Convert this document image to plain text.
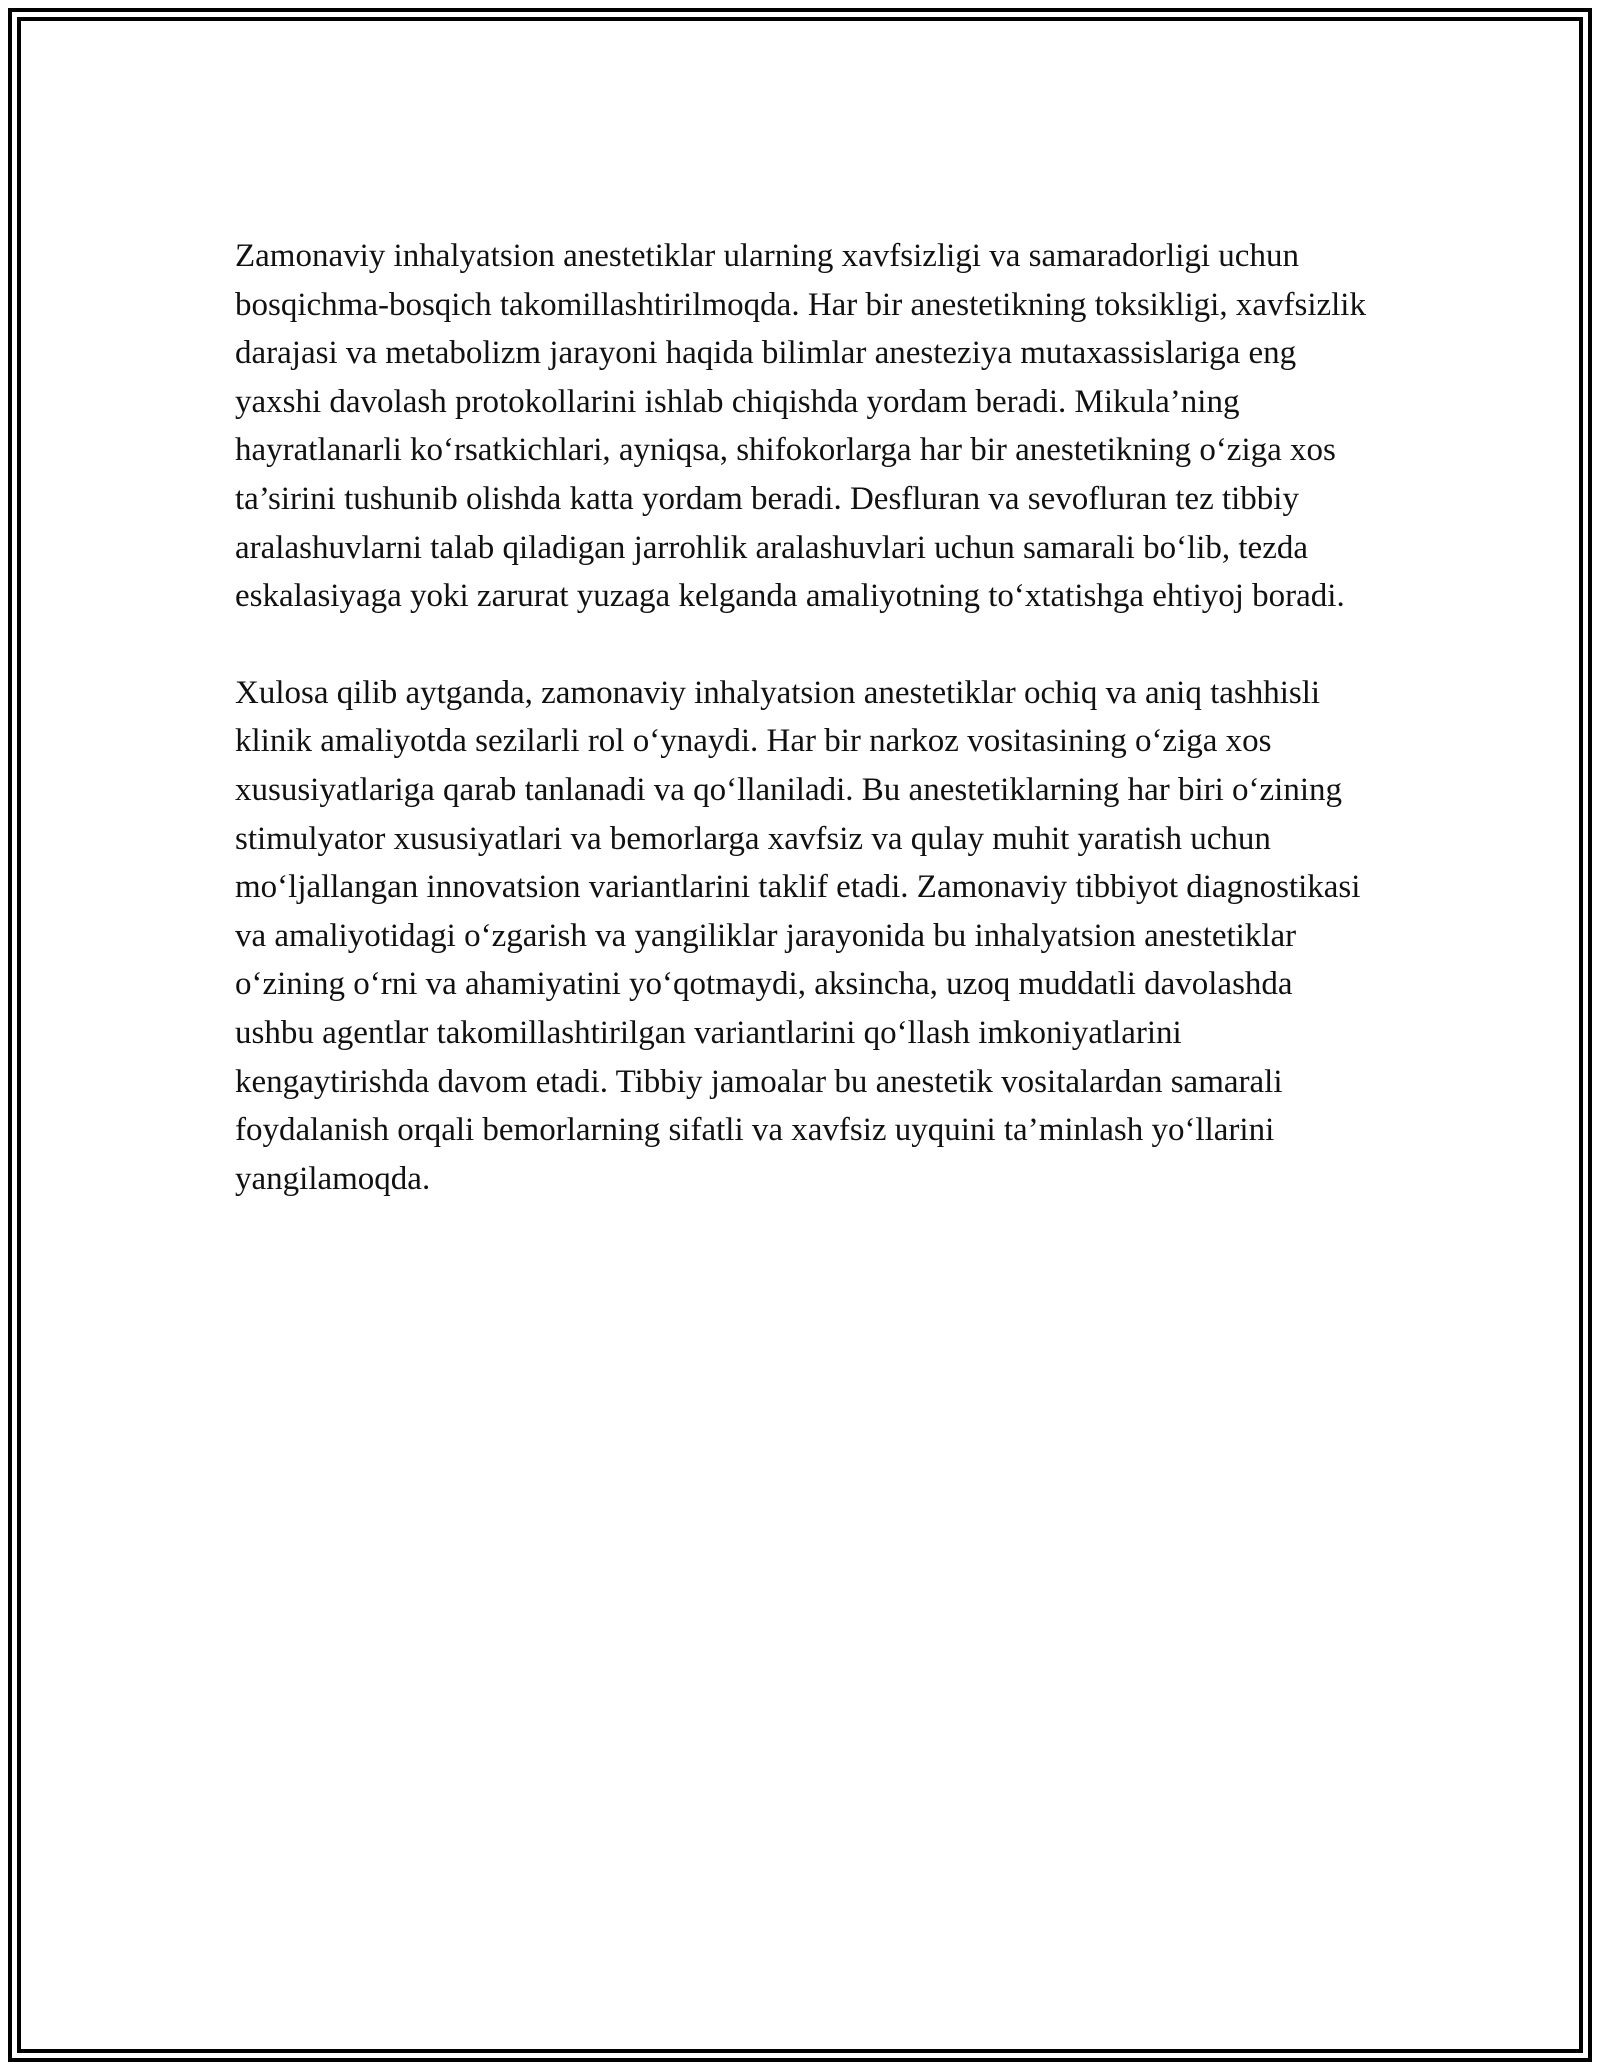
Zamonaviy inhalyatsion anestetiklar ularning xavfsizligi va samaradorligi uchun bosqichma-bosqich takomillashtirilmoqda. Har bir anestetikning toksikligi, xavfsizlik darajasi va metabolizm jarayoni haqida bilimlar anesteziya mutaxassislariga eng yaxshi davolash protokollarini ishlab chiqishda yordam beradi. Mikula’ning hayratlanarli ko‘rsatkichlari, ayniqsa, shifokorlarga har bir anestetikning o‘ziga xos ta’sirini tushunib olishda katta yordam beradi. Desfluran va sevofluran tez tibbiy aralashuvlarni talab qiladigan jarrohlik aralashuvlari uchun samarali bo‘lib, tezda eskalasiyaga yoki zarurat yuzaga kelganda amaliyotning to‘xtatishga ehtiyoj boradi.

Xulosa qilib aytganda, zamonaviy inhalyatsion anestetiklar ochiq va aniq tashhisli klinik amaliyotda sezilarli rol o‘ynaydi. Har bir narkoz vositasining o‘ziga xos xususiyatlariga qarab tanlanadi va qo‘llaniladi. Bu anestetiklarning har biri o‘zining stimulyator xususiyatlari va bemorlarga xavfsiz va qulay muhit yaratish uchun mo‘ljallangan innovatsion variantlarini taklif etadi. Zamonaviy tibbiyot diagnostikasi va amaliyotidagi o‘zgarish va yangiliklar jarayonida bu inhalyatsion anestetiklar o‘zining o‘rni va ahamiyatini yo‘qotmaydi, aksincha, uzoq muddatli davolashda ushbu agentlar takomillashtirilgan variantlarini qo‘llash imkoniyatlarini kengaytirishda davom etadi. Tibbiy jamoalar bu anestetik vositalardan samarali foydalanish orqali bemorlarning sifatli va xavfsiz uyquini ta’minlash yo‘llarini yangilamoqda.
